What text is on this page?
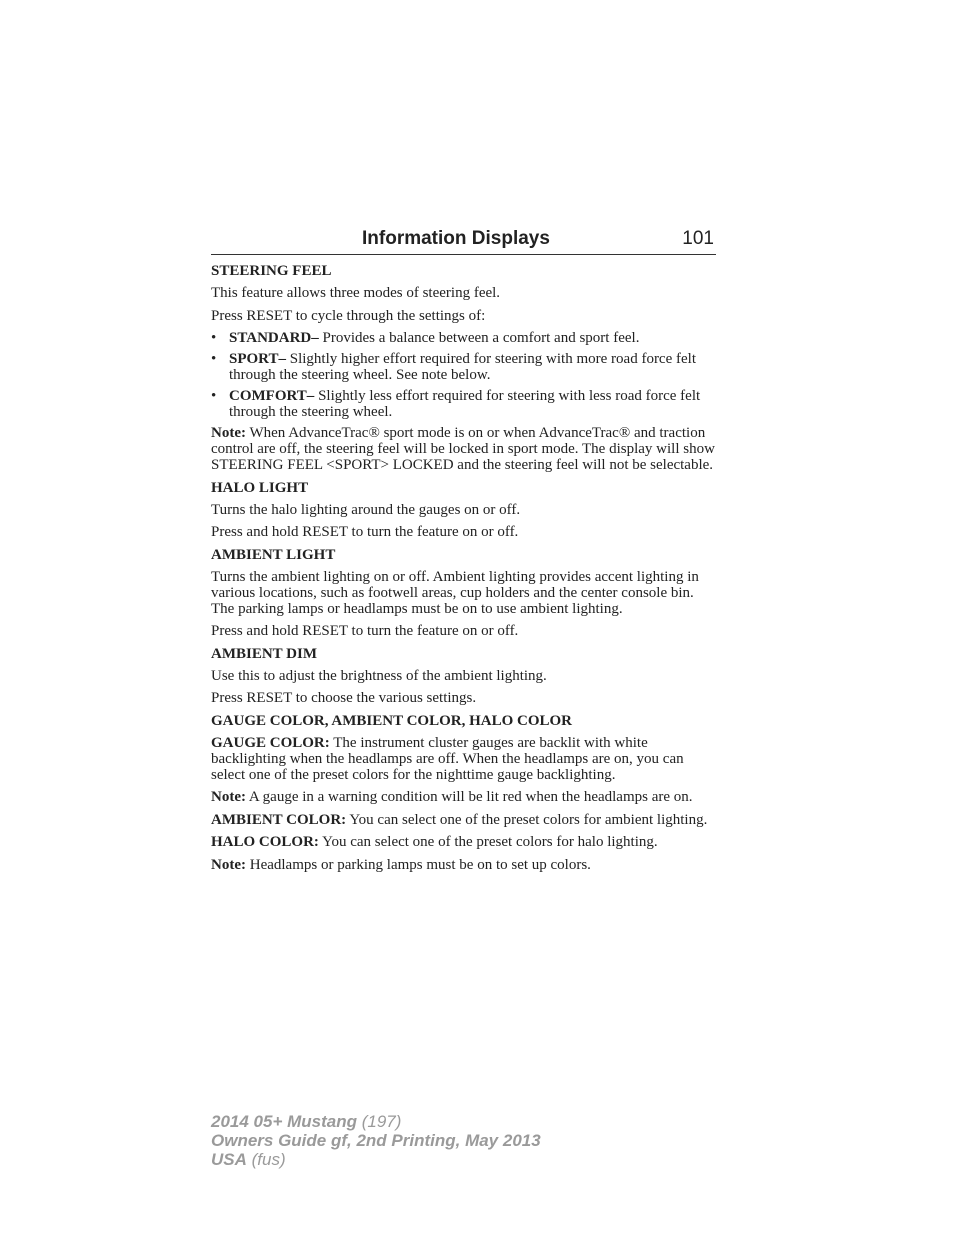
Information Displays	101
STEERING FEEL
This feature allows three modes of steering feel.
Press RESET to cycle through the settings of:
• STANDARD– Provides a balance between a comfort and sport feel.
• SPORT– Slightly higher effort required for steering with more road force felt through the steering wheel. See note below.
• COMFORT– Slightly less effort required for steering with less road force felt through the steering wheel.
Note: When AdvanceTrac® sport mode is on or when AdvanceTrac® and traction control are off, the steering feel will be locked in sport mode. The display will show STEERING FEEL <SPORT> LOCKED and the steering feel will not be selectable.
HALO LIGHT
Turns the halo lighting around the gauges on or off.
Press and hold RESET to turn the feature on or off.
AMBIENT LIGHT
Turns the ambient lighting on or off. Ambient lighting provides accent lighting in various locations, such as footwell areas, cup holders and the center console bin. The parking lamps or headlamps must be on to use ambient lighting.
Press and hold RESET to turn the feature on or off.
AMBIENT DIM
Use this to adjust the brightness of the ambient lighting.
Press RESET to choose the various settings.
GAUGE COLOR, AMBIENT COLOR, HALO COLOR
GAUGE COLOR: The instrument cluster gauges are backlit with white backlighting when the headlamps are off. When the headlamps are on, you can select one of the preset colors for the nighttime gauge backlighting.
Note: A gauge in a warning condition will be lit red when the headlamps are on.
AMBIENT COLOR: You can select one of the preset colors for ambient lighting.
HALO COLOR: You can select one of the preset colors for halo lighting.
Note: Headlamps or parking lamps must be on to set up colors.
2014 05+ Mustang (197)
Owners Guide gf, 2nd Printing, May 2013
USA (fus)
